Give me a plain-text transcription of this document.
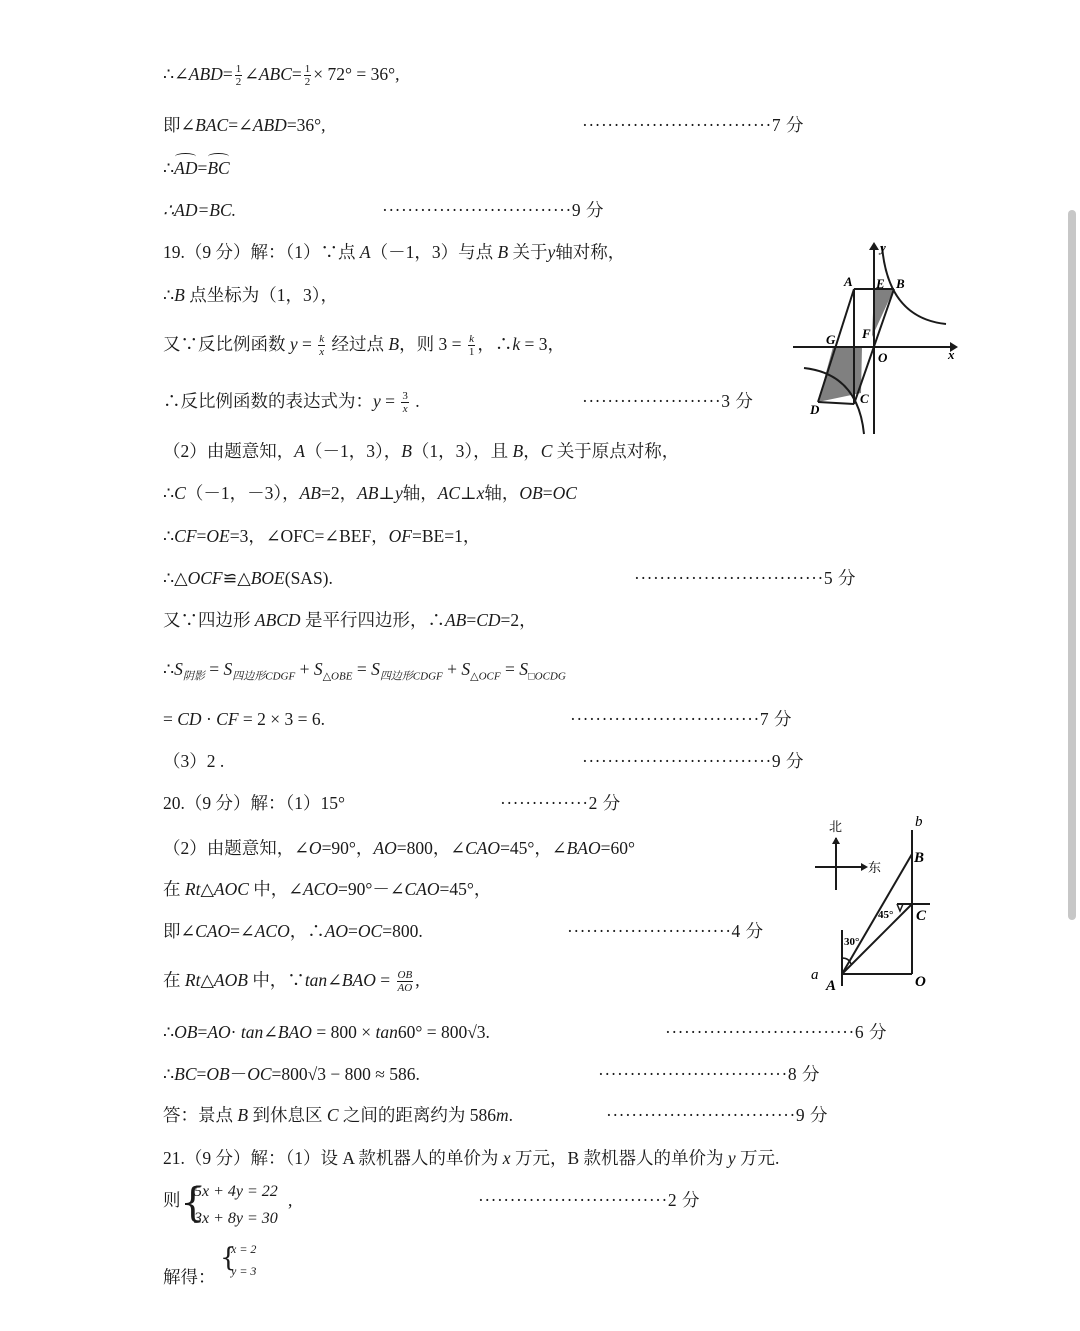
∴∠ABD= $\frac{1}{2}$ ∠ABC= $\frac{1}{2} \times 72^\circ = 36^\circ$,
即∠BAC=∠ABD=36°,	······························7 分
∴AD=BC
∴AD=BC.	······························9 分
19.（9 分）解：（1）∵点 A（－1，3）与点 B 关于y轴对称，
∴B 点坐标为（1，3），
又∵反比例函数 $y = \frac{k}{x}$ 经过点 B，则 $3 = \frac{k}{1}$ ，∴k = 3，
∴反比例函数的表达式为：$y = \frac{3}{x}$ .	······················3 分
（2）由题意知，A（－1，3），B（1，3），且 B，C 关于原点对称，
∴C（－1，－3），AB=2，AB⊥y轴，AC⊥x轴，OB=OC
∴CF=OE=3，∠OFC=∠BEF，OF=BE=1，
∴△OCF≌△BOE(SAS).	······························5 分
又∵四边形 ABCD 是平行四边形，∴AB=CD=2，
$\therefore S_{阴影} = S_{四边形CDGF} + S_{\triangle OBE} = S_{四边形CDGF} + S_{\triangle OCF} = S_{□OCDG}$
= CD · CF = 2 × 3 = 6.	······························7 分
（3）2 .	······························9 分
20.（9 分）解：（1）15°	··············2 分
（2）由题意知，∠O=90°，AO=800，∠CAO=45°，∠BAO=60°
在 Rt△AOC 中，∠ACO=90°－∠CAO=45°，
即∠CAO=∠ACO，∴AO=OC=800.	··························4 分
在 Rt△AOB 中，∵tan∠BAO = $\frac{OB}{AO}$ ,
∴OB=AO· tan∠BAO = 800 × tan60° = 800√3.	······························6 分
∴BC=OB－OC=800√3 − 800 ≈ 586.	······························8 分
答：景点 B 到休息区 C 之间的距离约为 586m.	······························9 分
21.（9 分）解：（1）设 A 款机器人的单价为 x 万元，B 款机器人的单价为 y 万元.
则 {
5x + 4y = 22
3x + 8y = 30
,	······························2 分
解得：
{
x = 2
y = 3
A E B
G F
O	x
y
C
D
北
东
b
B
C
45°
30°
a
A	O
